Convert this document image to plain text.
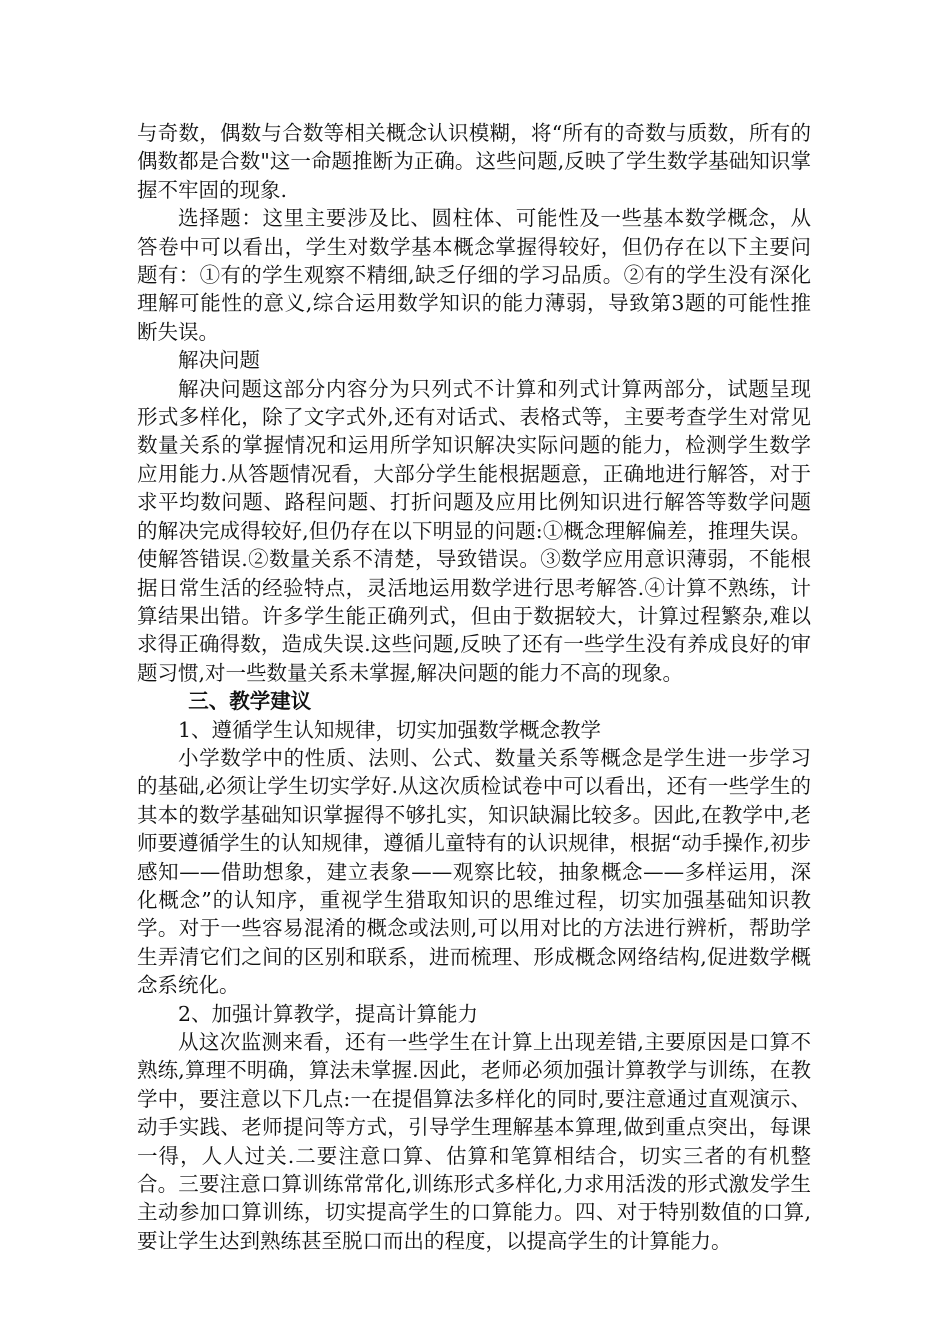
与奇数，偶数与合数等相关概念认识模糊，将“所有的奇数与质数，所有的偶数都是合数"这一命题推断为正确。这些问题,反映了学生数学基础知识掌握不牢固的现象.

选择题：这里主要涉及比、圆柱体、可能性及一些基本数学概念，从答卷中可以看出，学生对数学基本概念掌握得较好，但仍存在以下主要问题有：①有的学生观察不精细,缺乏仔细的学习品质。②有的学生没有深化理解可能性的意义,综合运用数学知识的能力薄弱，导致第3题的可能性推断失误。

解决问题

解决问题这部分内容分为只列式不计算和列式计算两部分，试题呈现形式多样化，除了文字式外,还有对话式、表格式等，主要考查学生对常见数量关系的掌握情况和运用所学知识解决实际问题的能力，检测学生数学应用能力.从答题情况看，大部分学生能根据题意，正确地进行解答，对于求平均数问题、路程问题、打折问题及应用比例知识进行解答等数学问题的解决完成得较好,但仍存在以下明显的问题:①概念理解偏差，推理失误。使解答错误.②数量关系不清楚，导致错误。③数学应用意识薄弱，不能根据日常生活的经验特点，灵活地运用数学进行思考解答.④计算不熟练，计算结果出错。许多学生能正确列式，但由于数据较大，计算过程繁杂,难以求得正确得数，造成失误.这些问题,反映了还有一些学生没有养成良好的审题习惯,对一些数量关系未掌握,解决问题的能力不高的现象。

三、教学建议

1、遵循学生认知规律，切实加强数学概念教学

小学数学中的性质、法则、公式、数量关系等概念是学生进一步学习的基础,必须让学生切实学好.从这次质检试卷中可以看出，还有一些学生的其本的数学基础知识掌握得不够扎实，知识缺漏比较多。因此,在教学中,老师要遵循学生的认知规律，遵循儿童特有的认识规律，根据“动手操作,初步感知——借助想象，建立表象——观察比较，抽象概念——多样运用，深化概念”的认知序，重视学生猎取知识的思维过程，切实加强基础知识教学。对于一些容易混淆的概念或法则,可以用对比的方法进行辨析，帮助学生弄清它们之间的区别和联系，进而梳理、形成概念网络结构,促进数学概念系统化。

2、加强计算教学，提高计算能力

从这次监测来看，还有一些学生在计算上出现差错,主要原因是口算不熟练,算理不明确，算法未掌握.因此，老师必须加强计算教学与训练，在教学中，要注意以下几点:一在提倡算法多样化的同时,要注意通过直观演示、动手实践、老师提问等方式，引导学生理解基本算理,做到重点突出，每课一得，人人过关.二要注意口算、估算和笔算相结合，切实三者的有机整合。三要注意口算训练常常化,训练形式多样化,力求用活泼的形式激发学生主动参加口算训练，切实提高学生的口算能力。四、对于特别数值的口算,要让学生达到熟练甚至脱口而出的程度，以提高学生的计算能力。
